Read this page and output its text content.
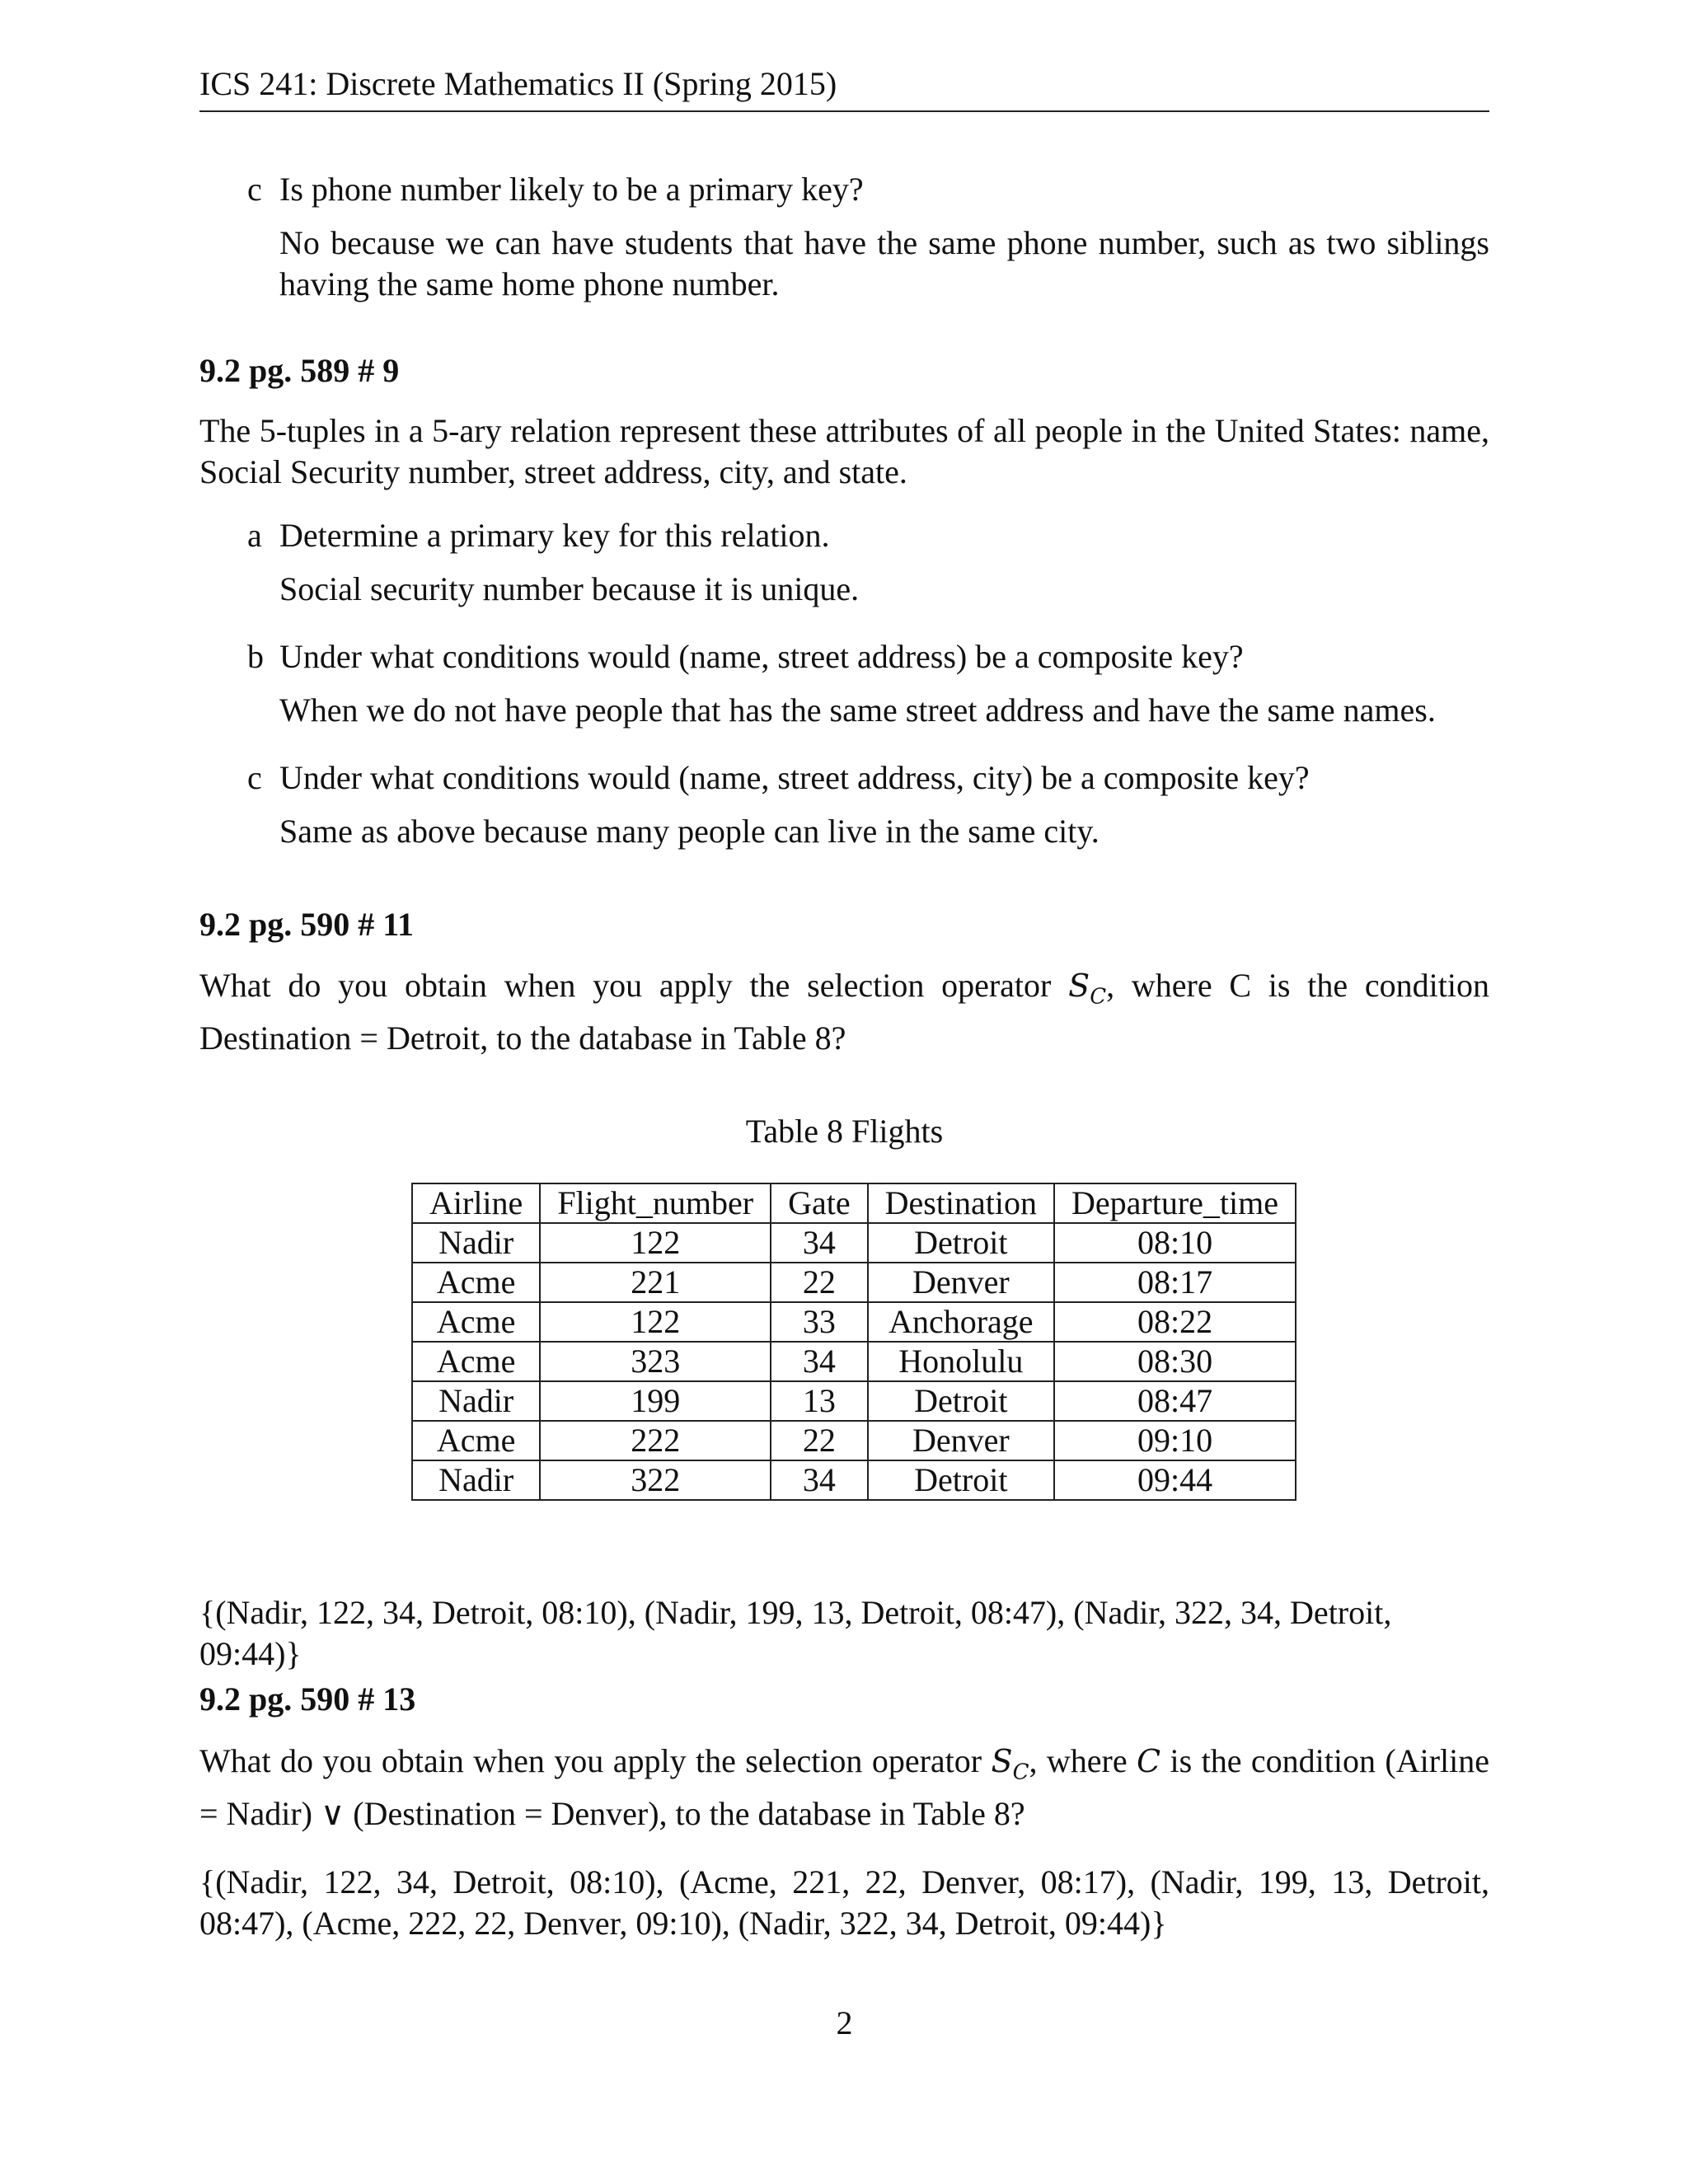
ICS 241: Discrete Mathematics II (Spring 2015)
c Is phone number likely to be a primary key?
No because we can have students that have the same phone number, such as two siblings having the same home phone number.
9.2 pg. 589 # 9
The 5-tuples in a 5-ary relation represent these attributes of all people in the United States: name, Social Security number, street address, city, and state.
a Determine a primary key for this relation.
Social security number because it is unique.
b Under what conditions would (name, street address) be a composite key?
When we do not have people that has the same street address and have the same names.
c Under what conditions would (name, street address, city) be a composite key?
Same as above because many people can live in the same city.
9.2 pg. 590 # 11
What do you obtain when you apply the selection operator $S_C$, where C is the condition Destination = Detroit, to the database in Table 8?
Table 8 Flights
Airline	Flight_number	Gate	Destination	Departure_time
Nadir	122	34	Detroit	08:10
Acme	221	22	Denver	08:17
Acme	122	33	Anchorage	08:22
Acme	323	34	Honolulu	08:30
Nadir	199	13	Detroit	08:47
Acme	222	22	Denver	09:10
Nadir	322	34	Detroit	09:44
{(Nadir, 122, 34, Detroit, 08:10), (Nadir, 199, 13, Detroit, 08:47), (Nadir, 322, 34, Detroit, 09:44)}
9.2 pg. 590 # 13
What do you obtain when you apply the selection operator $S_C$, where C is the condition (Airline = Nadir) ∨ (Destination = Denver), to the database in Table 8?
{(Nadir, 122, 34, Detroit, 08:10), (Acme, 221, 22, Denver, 08:17), (Nadir, 199, 13, Detroit, 08:47), (Acme, 222, 22, Denver, 09:10), (Nadir, 322, 34, Detroit, 09:44)}
2
